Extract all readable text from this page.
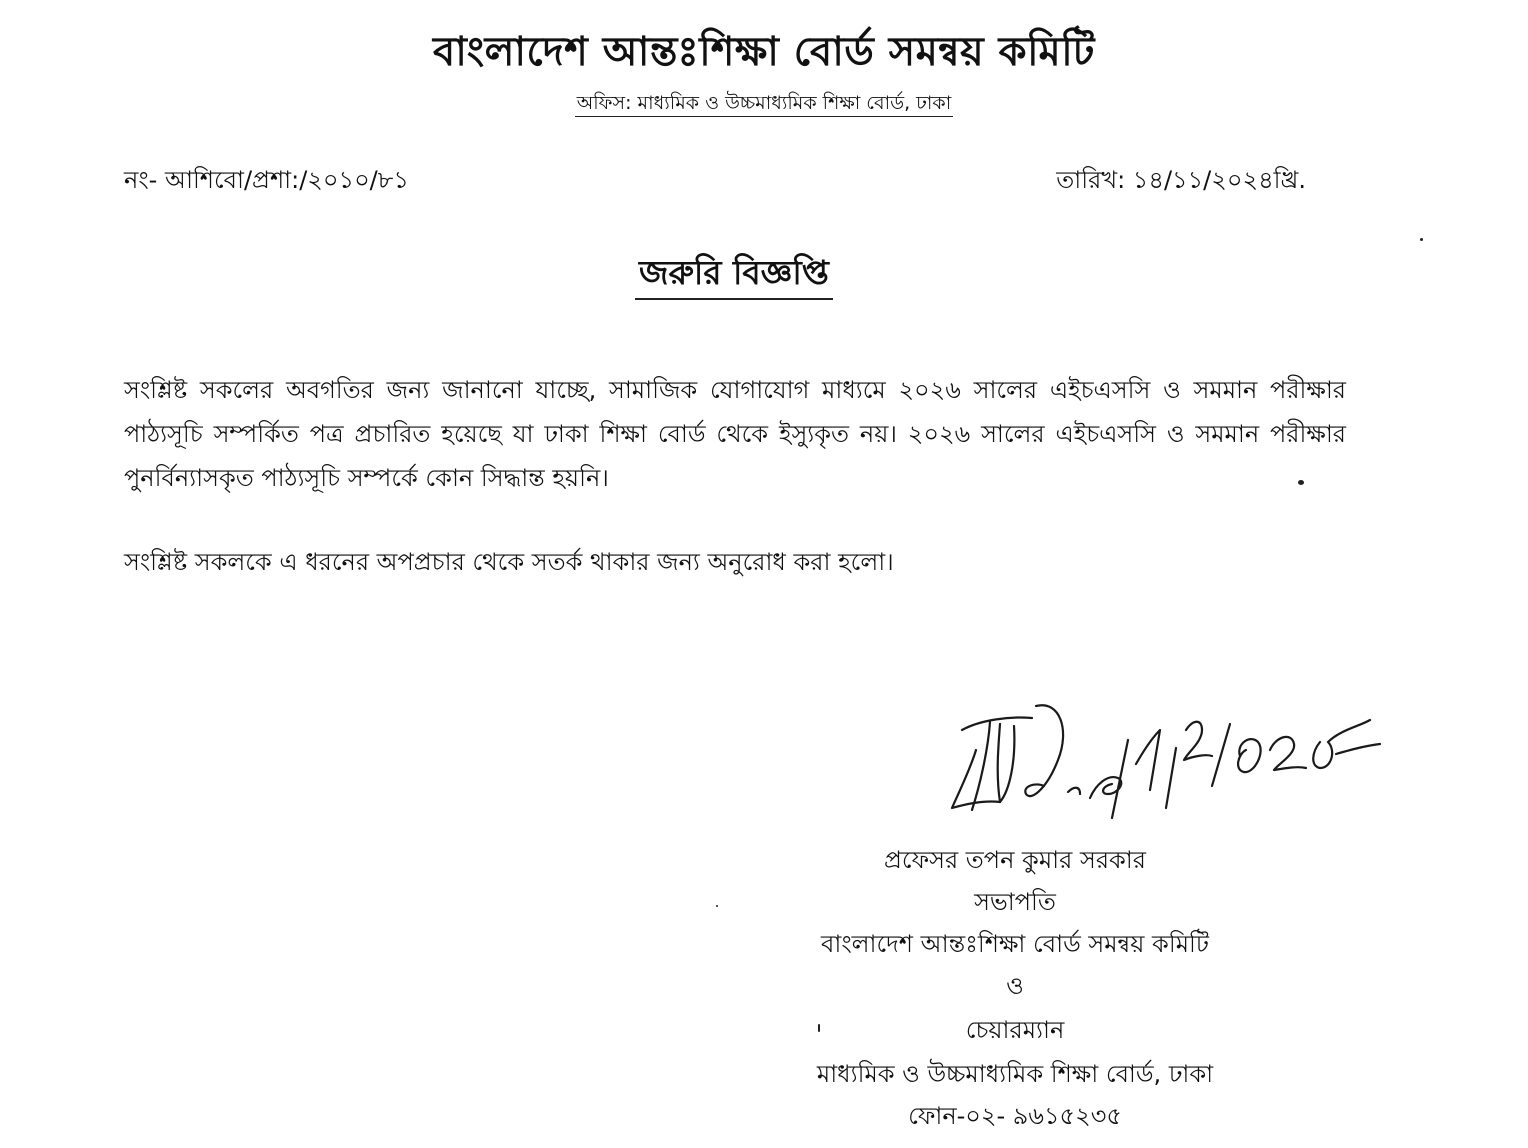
বাংলাদেশ আন্তঃশিক্ষা বোর্ড সমন্বয় কমিটি
অফিস: মাধ্যমিক ও উচ্চমাধ্যমিক শিক্ষা বোর্ড, ঢাকা
নং- আশিবো/প্রশা:/২০১০/৮১	তারিখ: ১৪/১১/২০২৪খ্রি.
জরুরি বিজ্ঞপ্তি
সংশ্লিষ্ট সকলের অবগতির জন্য জানানো যাচ্ছে, সামাজিক যোগাযোগ মাধ্যমে ২০২৬ সালের এইচএসসি ও সমমান পরীক্ষার পাঠ্যসূচি সম্পর্কিত পত্র প্রচারিত হয়েছে যা ঢাকা শিক্ষা বোর্ড থেকে ইস্যুকৃত নয়। ২০২৬ সালের এইচএসসি ও সমমান পরীক্ষার পুনর্বিন্যাসকৃত পাঠ্যসূচি সম্পর্কে কোন সিদ্ধান্ত হয়নি।
সংশ্লিষ্ট সকলকে এ ধরনের অপপ্রচার থেকে সতর্ক থাকার জন্য অনুরোধ করা হলো।
প্রফেসর তপন কুমার সরকার
সভাপতি
বাংলাদেশ আন্তঃশিক্ষা বোর্ড সমন্বয় কমিটি
ও
চেয়ারম্যান
মাধ্যমিক ও উচ্চমাধ্যমিক শিক্ষা বোর্ড, ঢাকা
ফোন-০২- ৯৬১৫২৩৫
